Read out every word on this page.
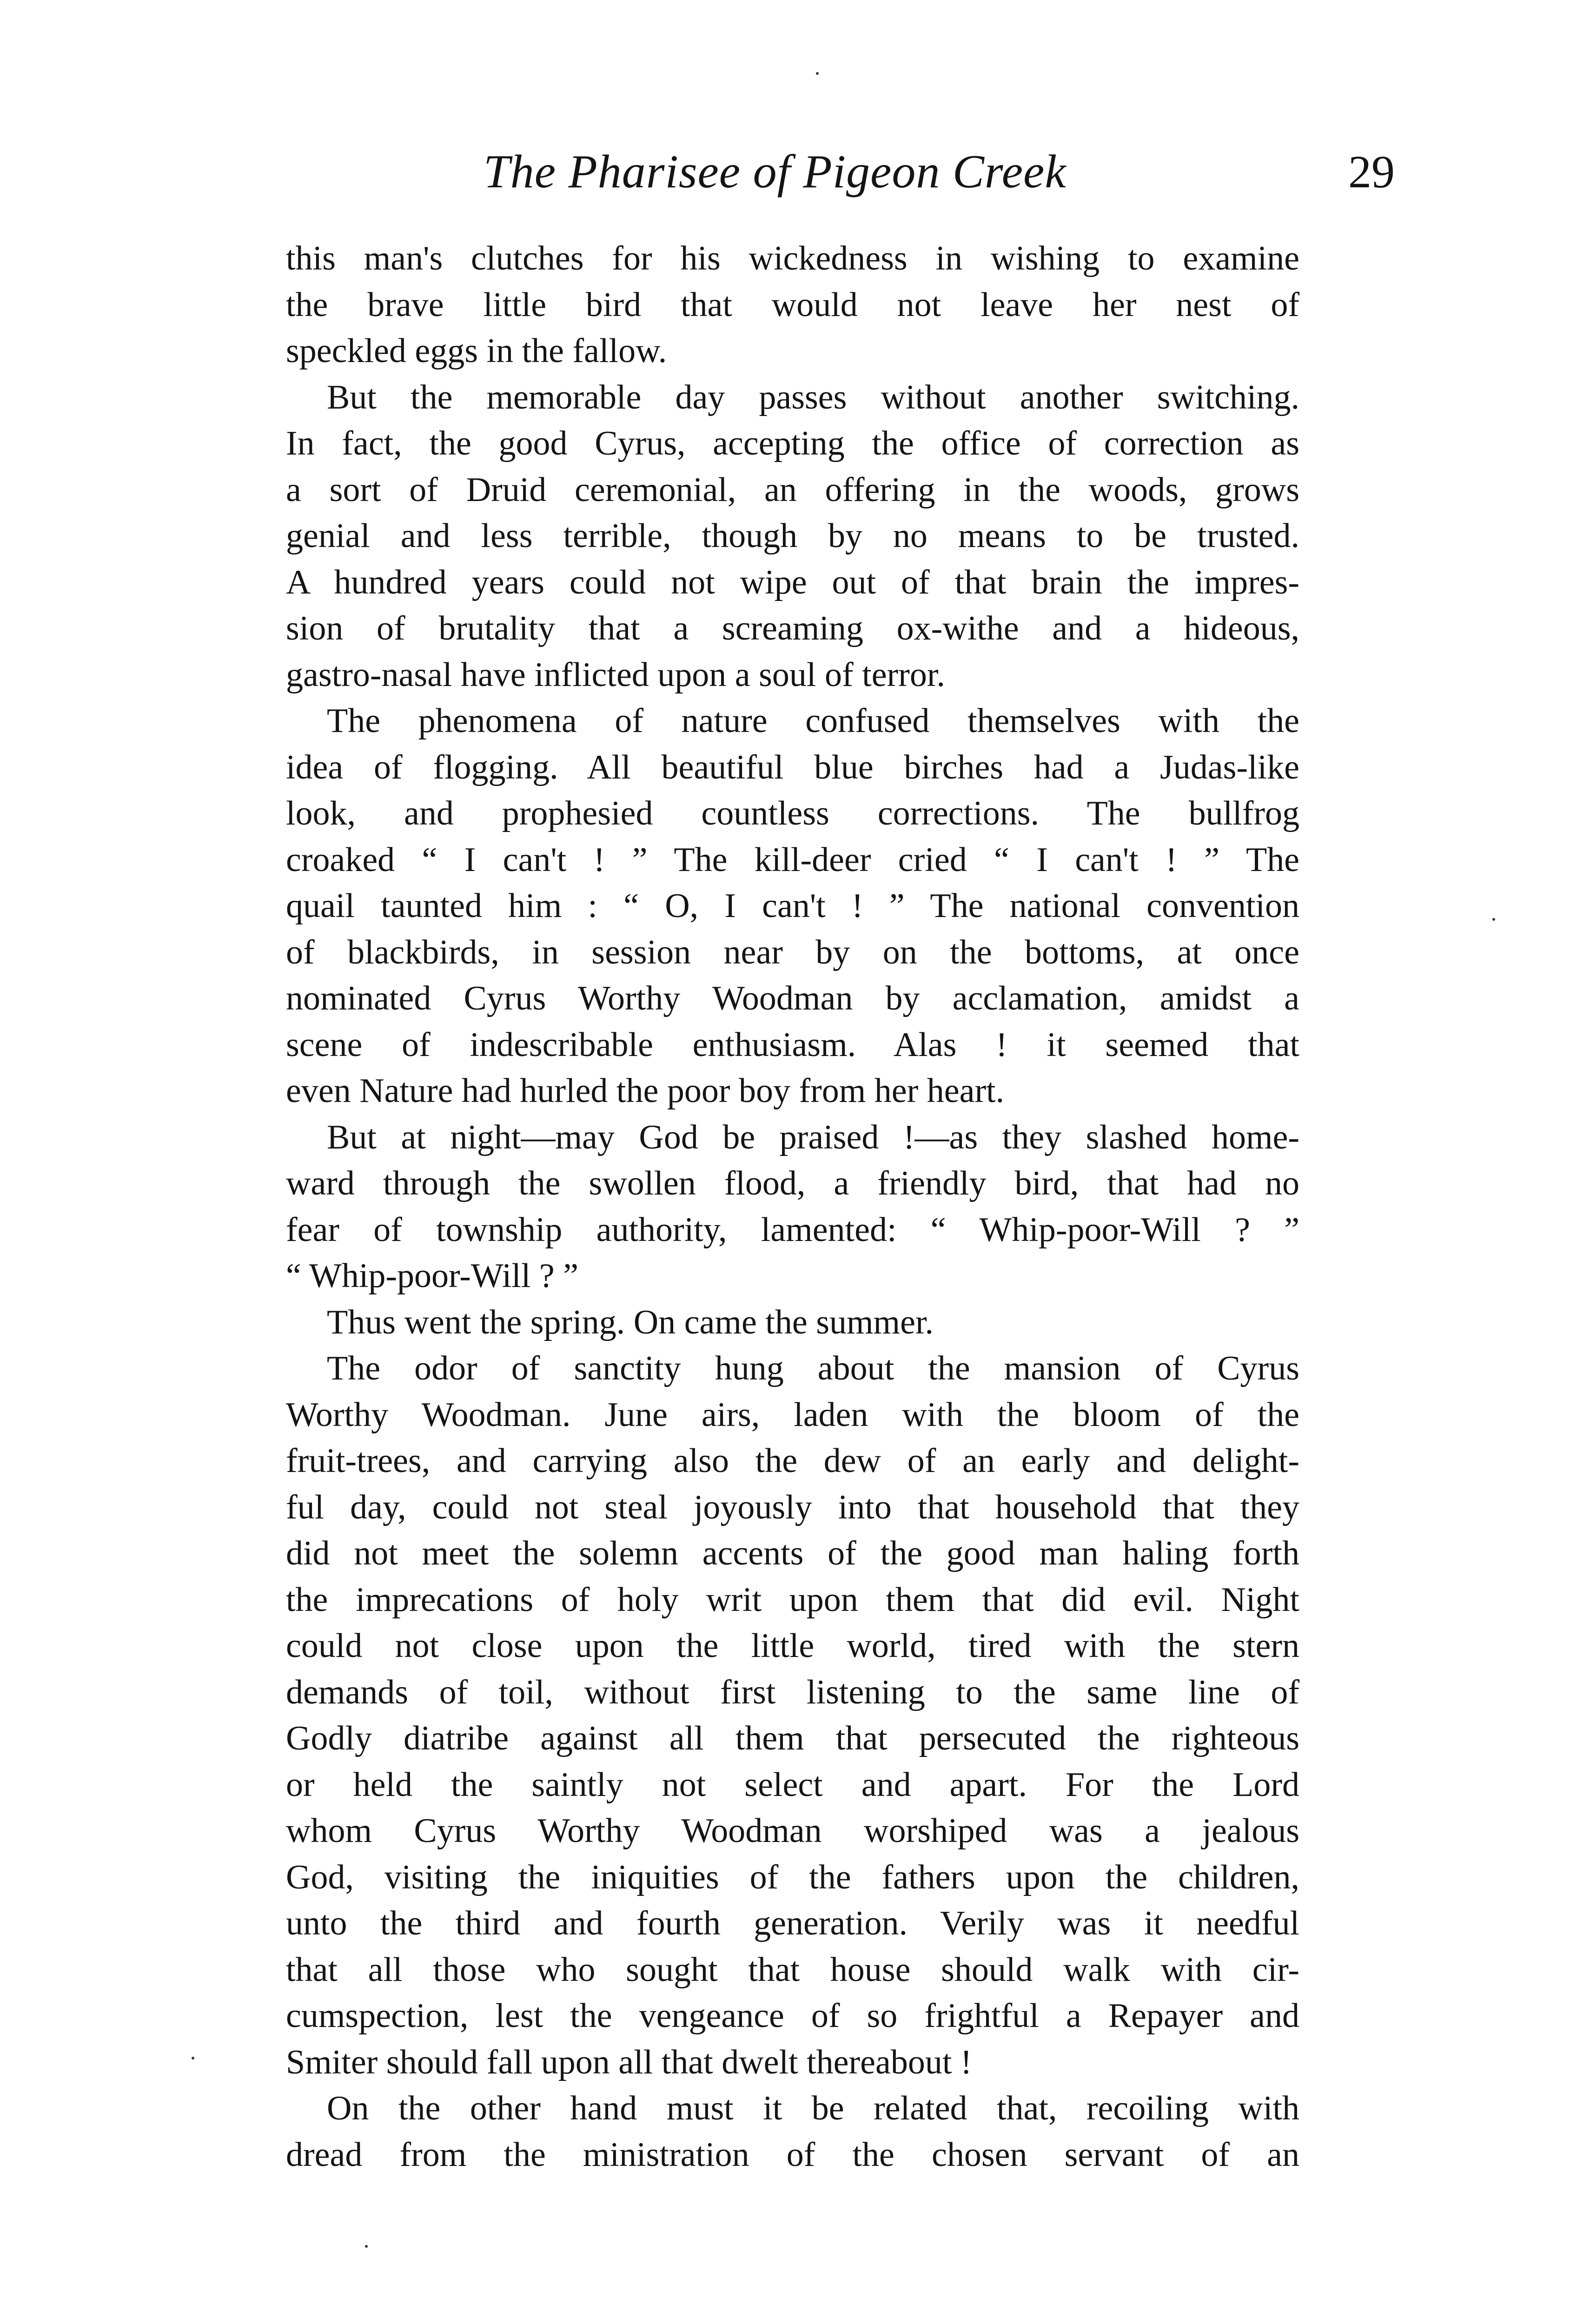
The Pharisee of Pigeon Creek	29
this man's clutches for his wickedness in wishing to examine
the brave little bird that would not leave her nest of
speckled eggs in the fallow.
But the memorable day passes without another switching.
In fact, the good Cyrus, accepting the office of correction as
a sort of Druid ceremonial, an offering in the woods, grows
genial and less terrible, though by no means to be trusted.
A hundred years could not wipe out of that brain the impres-
sion of brutality that a screaming ox-withe and a hideous,
gastro-nasal have inflicted upon a soul of terror.
The phenomena of nature confused themselves with the
idea of flogging. All beautiful blue birches had a Judas-like
look, and prophesied countless corrections. The bullfrog
croaked “ I can't ! ” The kill-deer cried “ I can't ! ” The
quail taunted him : “ O, I can't ! ” The national convention
of blackbirds, in session near by on the bottoms, at once
nominated Cyrus Worthy Woodman by acclamation, amidst a
scene of indescribable enthusiasm. Alas ! it seemed that
even Nature had hurled the poor boy from her heart.
But at night—may God be praised !—as they slashed home-
ward through the swollen flood, a friendly bird, that had no
fear of township authority, lamented: “ Whip-poor-Will ? ”
“ Whip-poor-Will ? ”
Thus went the spring. On came the summer.
The odor of sanctity hung about the mansion of Cyrus
Worthy Woodman. June airs, laden with the bloom of the
fruit-trees, and carrying also the dew of an early and delight-
ful day, could not steal joyously into that household that they
did not meet the solemn accents of the good man haling forth
the imprecations of holy writ upon them that did evil. Night
could not close upon the little world, tired with the stern
demands of toil, without first listening to the same line of
Godly diatribe against all them that persecuted the righteous
or held the saintly not select and apart. For the Lord
whom Cyrus Worthy Woodman worshiped was a jealous
God, visiting the iniquities of the fathers upon the children,
unto the third and fourth generation. Verily was it needful
that all those who sought that house should walk with cir-
cumspection, lest the vengeance of so frightful a Repayer and
Smiter should fall upon all that dwelt thereabout !
On the other hand must it be related that, recoiling with
dread from the ministration of the chosen servant of an
